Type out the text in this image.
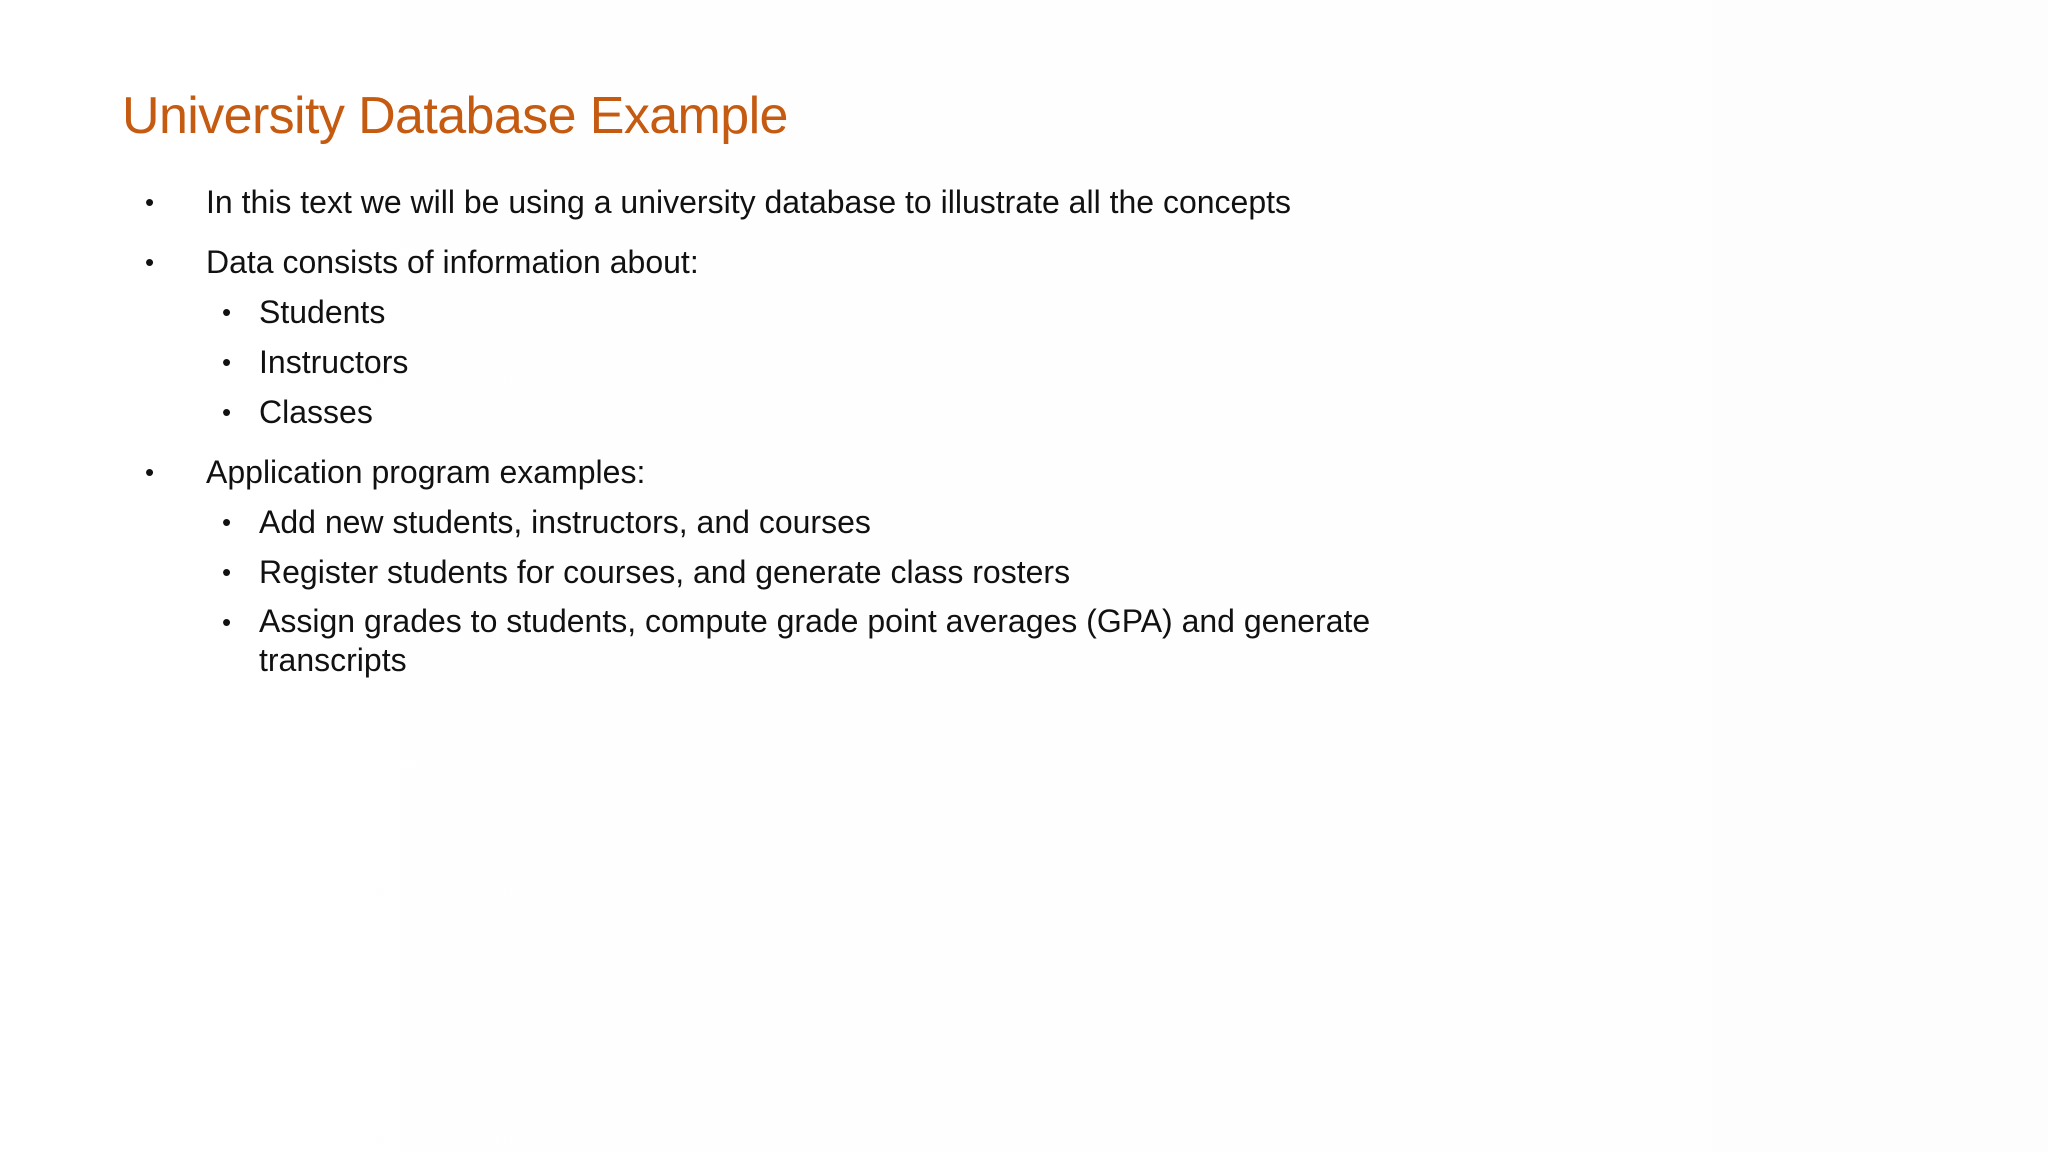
University Database Example
•	In this text we will be using a university database to illustrate all the concepts
•	Data consists of information about:
• Students
• Instructors
• Classes
•	Application program examples:
• Add new students, instructors, and courses
• Register students for courses, and generate class rosters
• Assign grades to students, compute grade point averages (GPA) and generate transcripts
